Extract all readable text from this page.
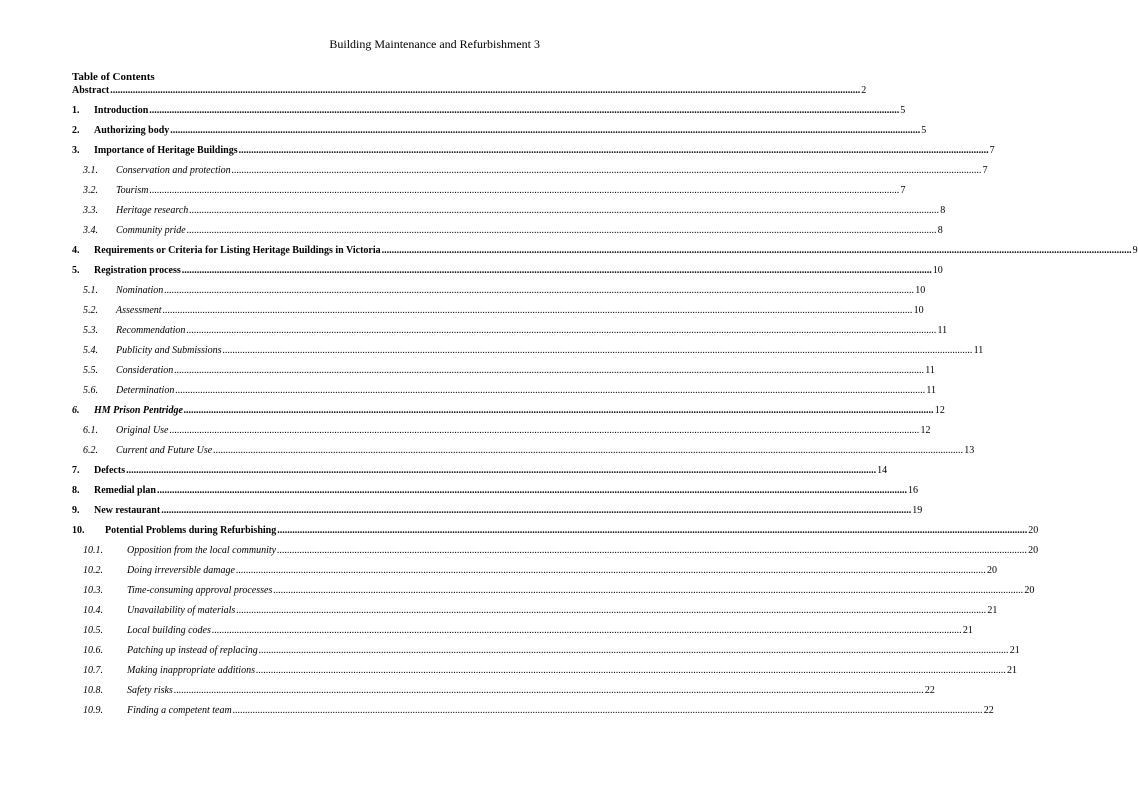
Building Maintenance and Refurbishment 3
Table of Contents
Abstract ............................................................................................................................................................................................................................................................................................................ 2
1.	Introduction ............................................................................................................................................................................................................................................................................................................ 5
2.	Authorizing body ............................................................................................................................................................................................................................................................................................................ 5
3.	Importance of Heritage Buildings ............................................................................................................................................................................................................................................................................................................ 7
3.1.	Conservation and protection ............................................................................................................................................................................................................................................................................................................ 7
3.2.	Tourism ............................................................................................................................................................................................................................................................................................................ 7
3.3.	Heritage research ............................................................................................................................................................................................................................................................................................................ 8
3.4.	Community pride ............................................................................................................................................................................................................................................................................................................ 8
4.	Requirements or Criteria for Listing Heritage Buildings in Victoria ............................................................................................................................................................................................................................................................................................................ 9
5.	Registration process ............................................................................................................................................................................................................................................................................................................ 10
5.1.	Nomination ............................................................................................................................................................................................................................................................................................................ 10
5.2.	Assessment ............................................................................................................................................................................................................................................................................................................ 10
5.3.	Recommendation ............................................................................................................................................................................................................................................................................................................ 11
5.4.	Publicity and Submissions ............................................................................................................................................................................................................................................................................................................ 11
5.5.	Consideration ............................................................................................................................................................................................................................................................................................................ 11
5.6.	Determination ............................................................................................................................................................................................................................................................................................................ 11
6.	HM Prison Pentridge ............................................................................................................................................................................................................................................................................................................ 12
6.1.	Original Use ............................................................................................................................................................................................................................................................................................................ 12
6.2.	Current and Future Use ............................................................................................................................................................................................................................................................................................................ 13
7.	Defects ............................................................................................................................................................................................................................................................................................................ 14
8.	Remedial plan ............................................................................................................................................................................................................................................................................................................ 16
9.	New restaurant ............................................................................................................................................................................................................................................................................................................ 19
10.	Potential Problems during Refurbishing ............................................................................................................................................................................................................................................................................................................ 20
10.1.	Opposition from the local community ............................................................................................................................................................................................................................................................................................................ 20
10.2.	Doing irreversible damage ............................................................................................................................................................................................................................................................................................................ 20
10.3.	Time-consuming approval processes ............................................................................................................................................................................................................................................................................................................ 20
10.4.	Unavailability of materials ............................................................................................................................................................................................................................................................................................................ 21
10.5.	Local building codes ............................................................................................................................................................................................................................................................................................................ 21
10.6.	Patching up instead of replacing ............................................................................................................................................................................................................................................................................................................ 21
10.7.	Making inappropriate additions ............................................................................................................................................................................................................................................................................................................ 21
10.8.	Safety risks ............................................................................................................................................................................................................................................................................................................ 22
10.9.	Finding a competent team ............................................................................................................................................................................................................................................................................................................ 22
